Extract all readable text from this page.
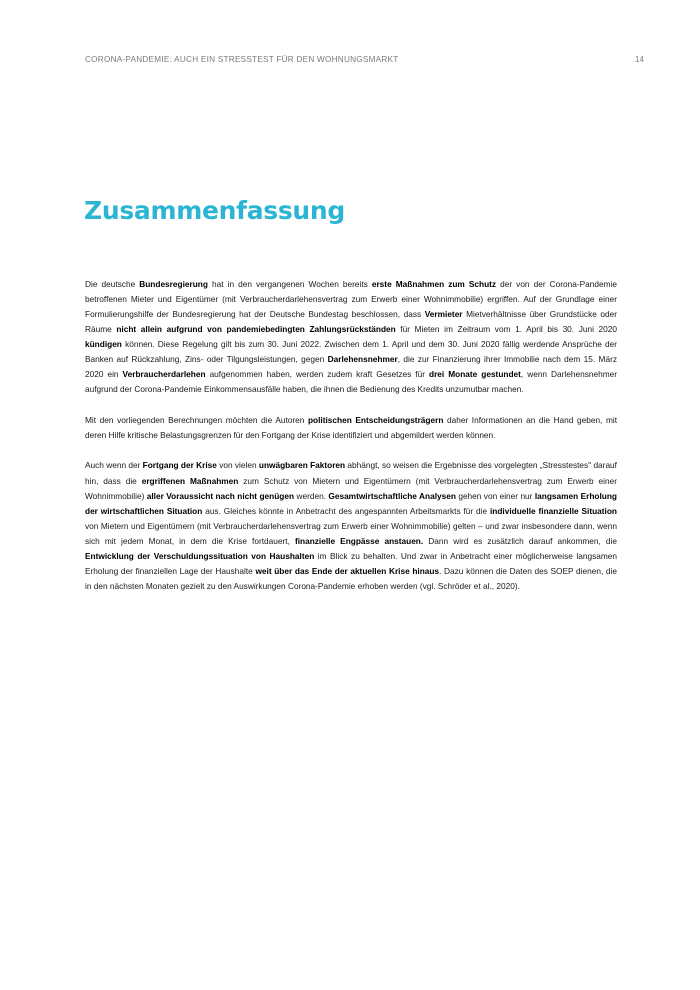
CORONA-PANDEMIE: AUCH EIN STRESSTEST FÜR DEN WOHNUNGSMARKT	14
Zusammenfassung

Die deutsche Bundesregierung hat in den vergangenen Wochen bereits erste Maßnahmen zum Schutz der von der Corona-Pandemie betroffenen Mieter und Eigentümer (mit Verbraucherdarlehensvertrag zum Erwerb einer Wohnimmobilie) ergriffen. Auf der Grundlage einer Formulierungshilfe der Bundesregierung hat der Deutsche Bundestag beschlossen, dass Vermieter Mietverhältnisse über Grundstücke oder Räume nicht allein aufgrund von pandemiebedingten Zahlungsrückständen für Mieten im Zeitraum vom 1. April bis 30. Juni 2020 kündigen können. Diese Regelung gilt bis zum 30. Juni 2022. Zwischen dem 1. April und dem 30. Juni 2020 fällig werdende Ansprüche der Banken auf Rückzahlung, Zins- oder Tilgungsleistungen, gegen Darlehensnehmer, die zur Finanzierung ihrer Immobilie nach dem 15. März 2020 ein Verbraucherdarlehen aufgenommen haben, werden zudem kraft Gesetzes für drei Monate gestundet, wenn Darlehensnehmer aufgrund der Corona-Pandemie Einkommensausfälle haben, die ihnen die Bedienung des Kredits unzumutbar machen.

Mit den vorliegenden Berechnungen möchten die Autoren politischen Entscheidungsträgern daher Informationen an die Hand geben, mit deren Hilfe kritische Belastungsgrenzen für den Fortgang der Krise identifiziert und abgemildert werden können.

Auch wenn der Fortgang der Krise von vielen unwägbaren Faktoren abhängt, so weisen die Ergebnisse des vorgelegten „Stresstestes" darauf hin, dass die ergriffenen Maßnahmen zum Schutz von Mietern und Eigentümern (mit Verbraucherdarlehensvertrag zum Erwerb einer Wohnimmobilie) aller Voraussicht nach nicht genügen werden. Gesamtwirtschaftliche Analysen gehen von einer nur langsamen Erholung der wirtschaftlichen Situation aus. Gleiches könnte in Anbetracht des angespannten Arbeitsmarkts für die individuelle finanzielle Situation von Mietern und Eigentümern (mit Verbraucherdarlehensvertrag zum Erwerb einer Wohnimmobilie) gelten – und zwar insbesondere dann, wenn sich mit jedem Monat, in dem die Krise fortdauert, finanzielle Engpässe anstauen. Dann wird es zusätzlich darauf ankommen, die Entwicklung der Verschuldungssituation von Haushalten im Blick zu behalten. Und zwar in Anbetracht einer möglicherweise langsamen Erholung der finanziellen Lage der Haushalte weit über das Ende der aktuellen Krise hinaus. Dazu können die Daten des SOEP dienen, die in den nächsten Monaten gezielt zu den Auswirkungen Corona-Pandemie erhoben werden (vgl. Schröder et al., 2020).
